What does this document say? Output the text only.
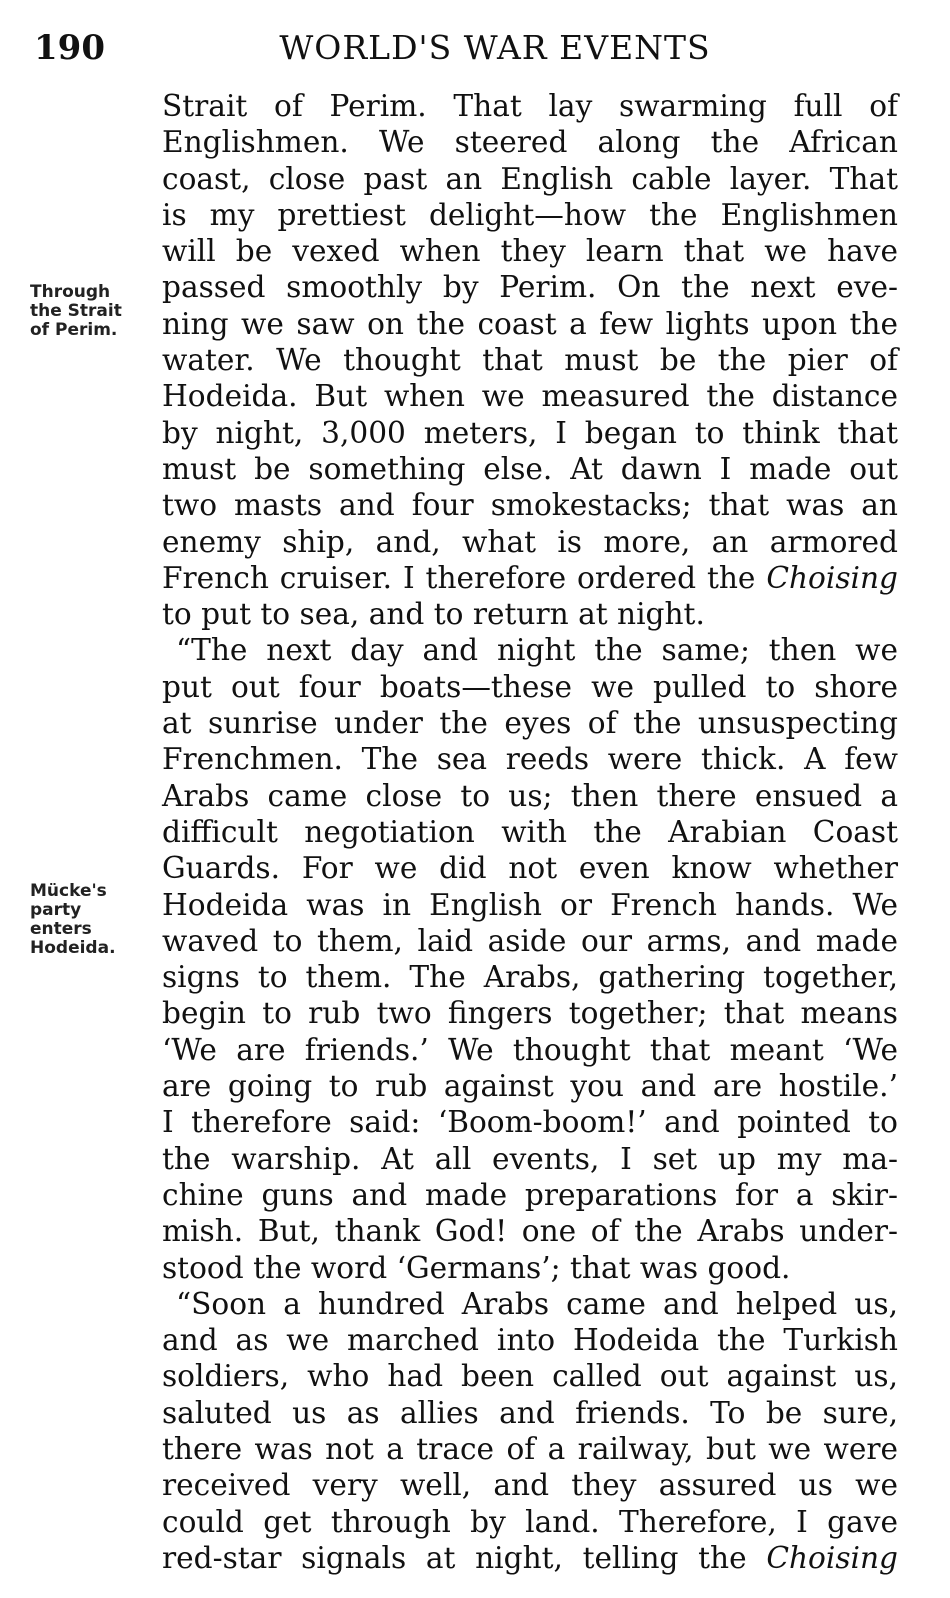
190	WORLD'S WAR EVENTS
Through
the Strait
of Perim.
Mücke's
party
enters
Hodeida.
Strait of Perim. That lay swarming full of
Englishmen. We steered along the African
coast, close past an English cable layer. That
is my prettiest delight—how the Englishmen
will be vexed when they learn that we have
passed smoothly by Perim. On the next eve-
ning we saw on the coast a few lights upon the
water. We thought that must be the pier of
Hodeida. But when we measured the distance
by night, 3,000 meters, I began to think that
must be something else. At dawn I made out
two masts and four smokestacks; that was an
enemy ship, and, what is more, an armored
French cruiser. I therefore ordered the Choising
to put to sea, and to return at night.
“The next day and night the same; then we
put out four boats—these we pulled to shore
at sunrise under the eyes of the unsuspecting
Frenchmen. The sea reeds were thick. A few
Arabs came close to us; then there ensued a
difficult negotiation with the Arabian Coast
Guards. For we did not even know whether
Hodeida was in English or French hands. We
waved to them, laid aside our arms, and made
signs to them. The Arabs, gathering together,
begin to rub two fingers together; that means
‘We are friends.’ We thought that meant ‘We
are going to rub against you and are hostile.’
I therefore said: ‘Boom-boom!’ and pointed to
the warship. At all events, I set up my ma-
chine guns and made preparations for a skir-
mish. But, thank God! one of the Arabs under-
stood the word ‘Germans’; that was good.
“Soon a hundred Arabs came and helped us,
and as we marched into Hodeida the Turkish
soldiers, who had been called out against us,
saluted us as allies and friends. To be sure,
there was not a trace of a railway, but we were
received very well, and they assured us we
could get through by land. Therefore, I gave
red-star signals at night, telling the Choising
